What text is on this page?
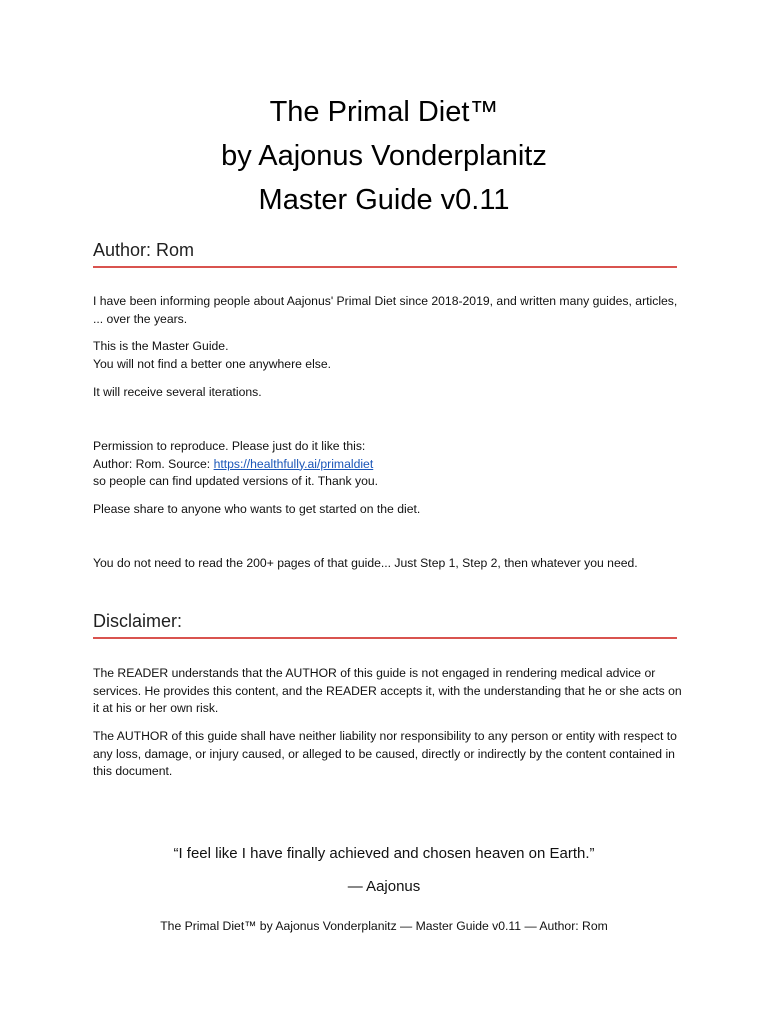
The Primal Diet™
by Aajonus Vonderplanitz
Master Guide v0.11
Author: Rom

I have been informing people about Aajonus' Primal Diet since 2018-2019, and written many guides, articles, ... over the years.

This is the Master Guide.

You will not find a better one anywhere else.

It will receive several iterations.

Permission to reproduce. Please just do it like this:

Author: Rom. Source: https://healthfully.ai/primaldiet

so people can find updated versions of it. Thank you.

Please share to anyone who wants to get started on the diet.

You do not need to read the 200+ pages of that guide... Just Step 1, Step 2, then whatever you need.

Disclaimer:

The READER understands that the AUTHOR of this guide is not engaged in rendering medical advice or services. He provides this content, and the READER accepts it, with the understanding that he or she acts on it at his or her own risk.

The AUTHOR of this guide shall have neither liability nor responsibility to any person or entity with respect to any loss, damage, or injury caused, or alleged to be caused, directly or indirectly by the content contained in this document.

“I feel like I have finally achieved and chosen heaven on Earth.”
— Aajonus
The Primal Diet™ by Aajonus Vonderplanitz — Master Guide v0.11 — Author: Rom
